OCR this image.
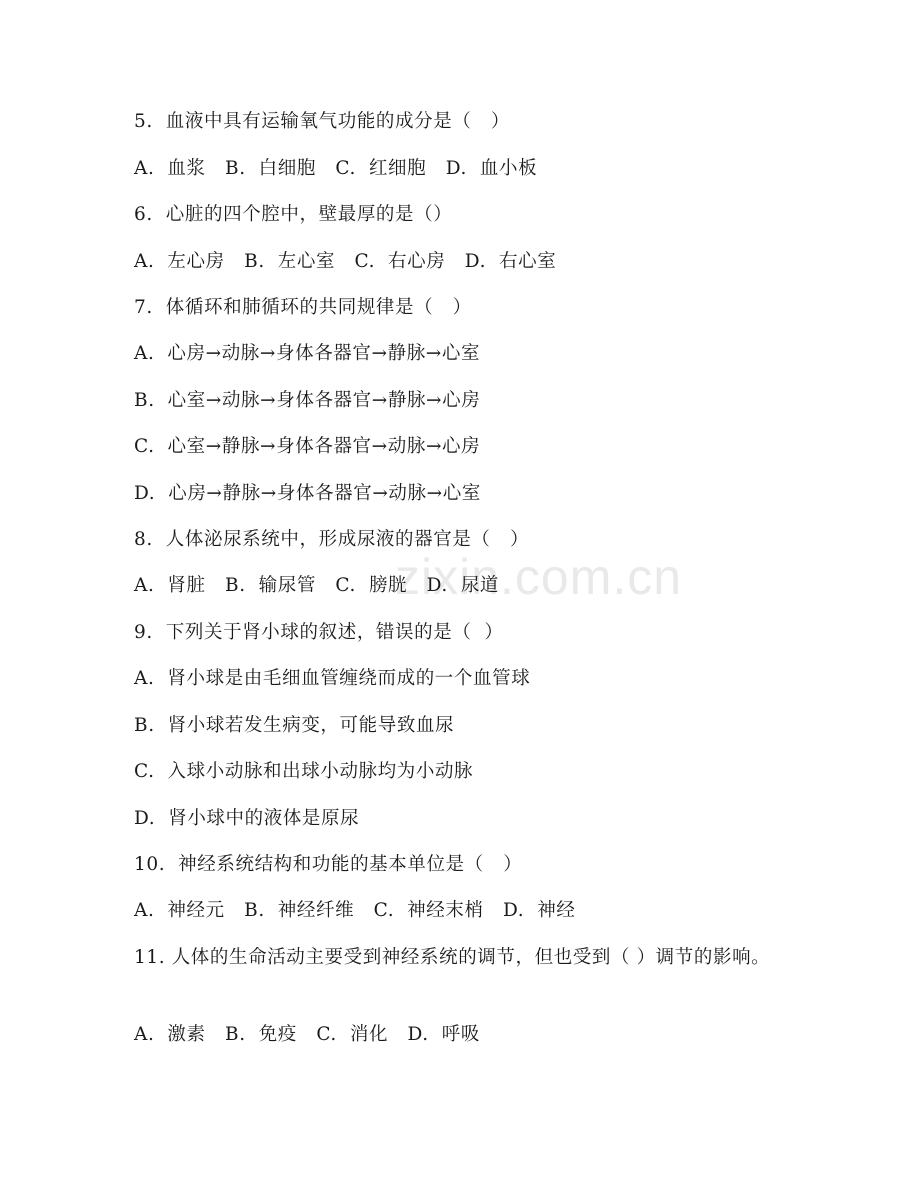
zixin.com.cn
5.  血液中具有运输氧气功能的成分是（   ）
A.  血浆   B.  白细胞   C.  红细胞   D.  血小板
6.  心脏的四个腔中，壁最厚的是（）
A.  左心房   B.  左心室   C.  右心房   D.  右心室
7.  体循环和肺循环的共同规律是（   ）
A.  心房→动脉→身体各器官→静脉→心室
B.  心室→动脉→身体各器官→静脉→心房
C.  心室→静脉→身体各器官→动脉→心房
D.  心房→静脉→身体各器官→动脉→心室
8.  人体泌尿系统中，形成尿液的器官是（   ）
A.  肾脏   B.  输尿管   C.  膀胱   D.  尿道
9.  下列关于肾小球的叙述，错误的是（  ）
A.  肾小球是由毛细血管缠绕而成的一个血管球
B.  肾小球若发生病变，可能导致血尿
C.  入球小动脉和出球小动脉均为小动脉
D.  肾小球中的液体是原尿
10.  神经系统结构和功能的基本单位是（   ）
A.  神经元   B.  神经纤维   C.  神经末梢   D.  神经
11. 人体的生命活动主要受到神经系统的调节，但也受到（ ）调节的影响。
A.  激素   B.  免疫   C.  消化   D.  呼吸
